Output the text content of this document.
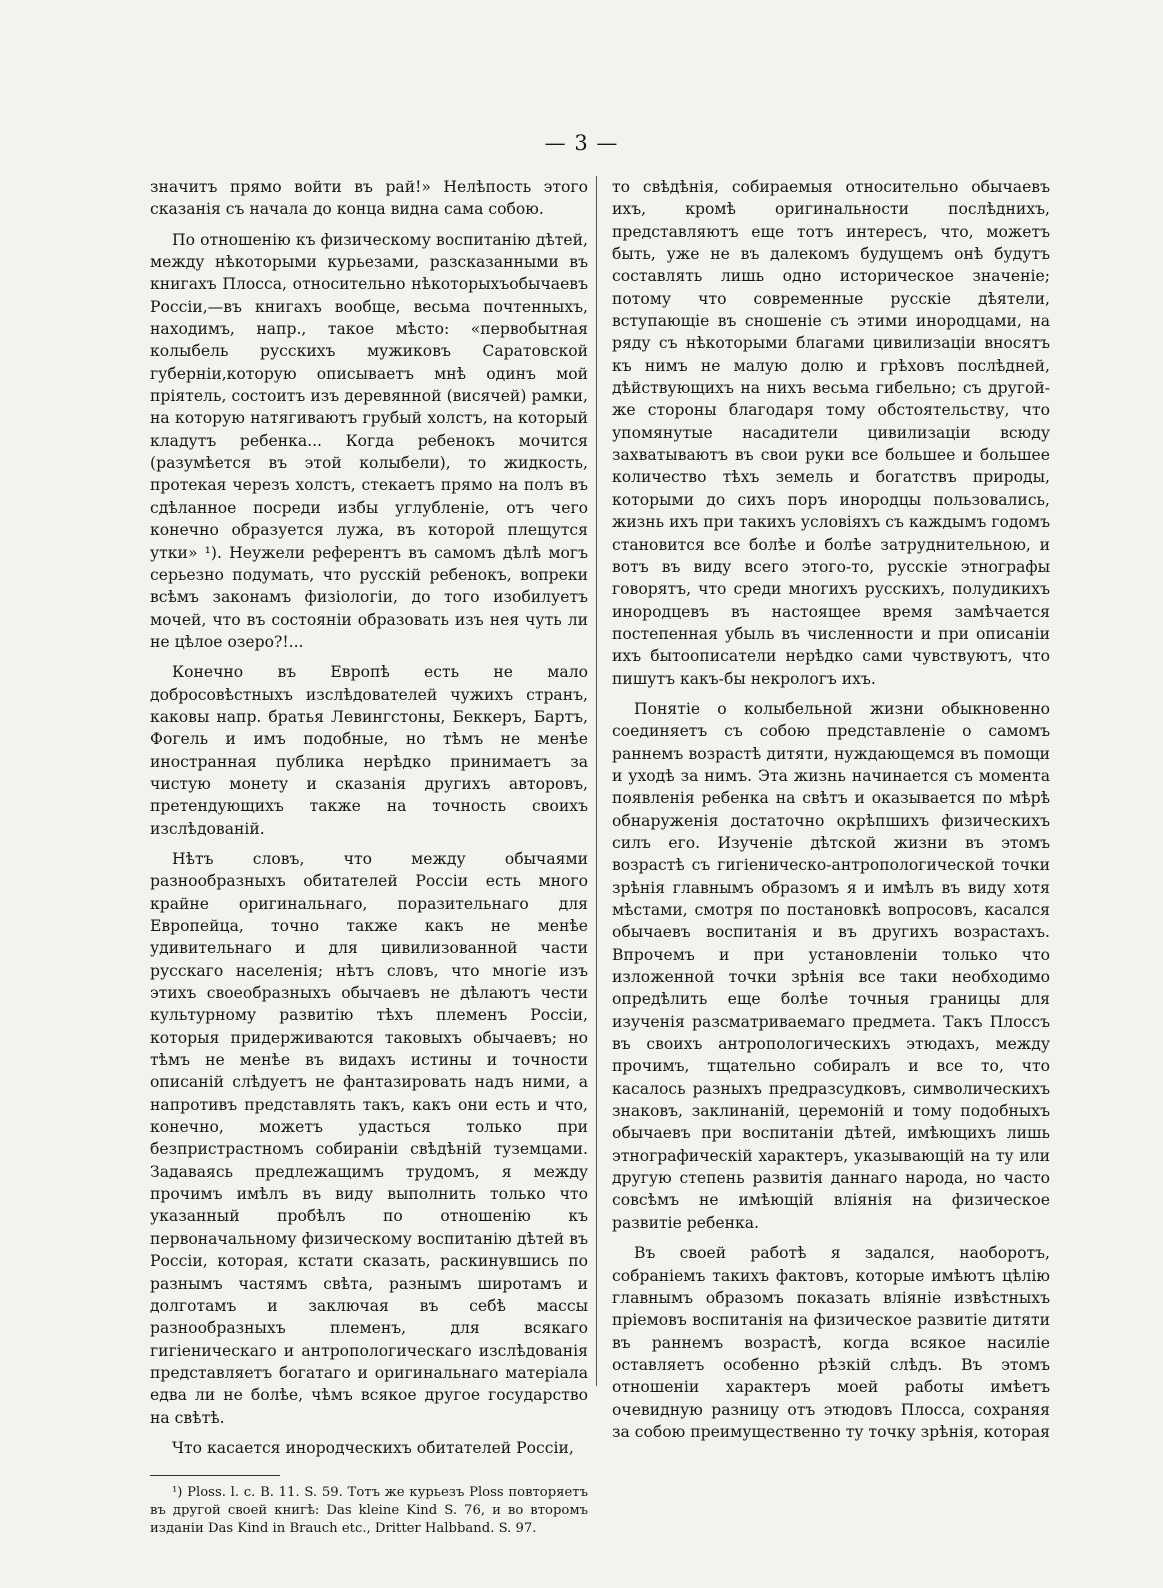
— 3 —

значитъ прямо войти въ рай!» Нелѣпость этого сказанія съ начала до конца видна сама собою.

По отношенію къ физическому воспитанію дѣтей, между нѣкоторыми курьезами, разсказанными въ книгахъ Плосса, относительно нѣкоторыхъобычаевъ Россіи,—въ книгахъ вообще, весьма почтенныхъ, находимъ, напр., такое мѣсто: «первобытная колыбель русскихъ мужиковъ Саратовской губерніи,которую описываетъ мнѣ одинъ мой пріятель, состоитъ изъ деревянной (висячей) рамки, на которую натягиваютъ грубый холстъ, на который кладутъ ребенка... Когда ребенокъ мочится (разумѣется въ этой колыбели), то жидкость, протекая черезъ холстъ, стекаетъ прямо на полъ въ сдѣланное посреди избы углубленіе, отъ чего конечно образуется лужа, въ которой плещутся утки» ¹). Неужели референтъ въ самомъ дѣлѣ могъ серьезно подумать, что русскій ребенокъ, вопреки всѣмъ законамъ физіологіи, до того изобилуетъ мочей, что въ состояніи образовать изъ нея чуть ли не цѣлое озеро?!...

Конечно въ Европѣ есть не мало добросовѣстныхъ изслѣдователей чужихъ странъ, каковы напр. братья Левингстоны, Беккеръ, Бартъ, Фогель и имъ подобные, но тѣмъ не менѣе иностранная публика нерѣдко принимаетъ за чистую монету и сказанія другихъ авторовъ, претендующихъ также на точность своихъ изслѣдованій.

Нѣтъ словъ, что между обычаями разнообразныхъ обитателей Россіи есть много крайне оригинальнаго, поразительнаго для Европейца, точно также какъ не менѣе удивительнаго и для цивилизованной части русскаго населенія; нѣтъ словъ, что многіе изъ этихъ своеобразныхъ обычаевъ не дѣлаютъ чести культурному развитію тѣхъ племенъ Россіи, которыя придерживаются таковыхъ обычаевъ; но тѣмъ не менѣе въ видахъ истины и точности описаній слѣдуетъ не фантазировать надъ ними, а напротивъ представлять такъ, какъ они есть и что, конечно, можетъ удасться только при безпристрастномъ собираніи свѣдѣній туземцами. Задаваясь предлежащимъ трудомъ, я между прочимъ имѣлъ въ виду выполнить только что указанный пробѣлъ по отношенію къ первоначальному физическому воспитанію дѣтей въ Россіи, которая, кстати сказать, раскинувшись по разнымъ частямъ свѣта, разнымъ широтамъ и долготамъ и заключая въ себѣ массы разнообразныхъ племенъ, для всякаго гигіеническаго и антропологическаго изслѣдованія представляетъ богатаго и оригинальнаго матеріала едва ли не болѣе, чѣмъ всякое другое государство на свѣтѣ.

Что касается инородческихъ обитателей Россіи,

¹) Ploss. l. c. B. 11. S. 59. Тотъ же курьезъ Ploss повторяетъ въ другой своей книгѣ: Das kleine Kind S. 76, и во второмъ изданіи Das Kind in Brauch etc., Dritter Halbband. S. 97.

то свѣдѣнія, собираемыя относительно обычаевъ ихъ, кромѣ оригинальности послѣднихъ, представляютъ еще тотъ интересъ, что, можетъ быть, уже не въ далекомъ будущемъ онѣ будутъ составлять лишь одно историческое значеніе; потому что современные русскіе дѣятели, вступающіе въ сношеніе съ этими инородцами, на ряду съ нѣкоторыми благами цивилизаціи вносятъ къ нимъ не малую долю и грѣховъ послѣдней, дѣйствующихъ на нихъ весьма гибельно; съ другой-же стороны благодаря тому обстоятельству, что упомянутые насадители цивилизаціи всюду захватываютъ въ свои руки все большее и большее количество тѣхъ земель и богатствъ природы, которыми до сихъ поръ инородцы пользовались, жизнь ихъ при такихъ условіяхъ съ каждымъ годомъ становится все болѣе и болѣе затруднительною, и вотъ въ виду всего этого-то, русскіе этнографы говорятъ, что среди многихъ русскихъ, полудикихъ инородцевъ въ настоящее время замѣчается постепенная убыль въ численности и при описаніи ихъ бытоописатели нерѣдко сами чувствуютъ, что пишутъ какъ-бы некрологъ ихъ.

Понятіе о колыбельной жизни обыкновенно соединяетъ съ собою представленіе о самомъ раннемъ возрастѣ дитяти, нуждающемся въ помощи и уходѣ за нимъ. Эта жизнь начинается съ момента появленія ребенка на свѣтъ и оказывается по мѣрѣ обнаруженія достаточно окрѣпшихъ физическихъ силъ его. Изученіе дѣтской жизни въ этомъ возрастѣ съ гигіеническо-антропологической точки зрѣнія главнымъ образомъ я и имѣлъ въ виду хотя мѣстами, смотря по постановкѣ вопросовъ, касался обычаевъ воспитанія и въ другихъ возрастахъ. Впрочемъ и при установленіи только что изложенной точки зрѣнія все таки необходимо опредѣлить еще болѣе точныя границы для изученія разсматриваемаго предмета. Такъ Плоссъ въ своихъ антропологическихъ этюдахъ, между прочимъ, тщательно собиралъ и все то, что касалось разныхъ предразсудковъ, символическихъ знаковъ, заклинаній, церемоній и тому подобныхъ обычаевъ при воспитаніи дѣтей, имѣющихъ лишь этнографическій характеръ, указывающій на ту или другую степень развитія даннаго народа, но часто совсѣмъ не имѣющій вліянія на физическое развитіе ребенка.

Въ своей работѣ я задался, наоборотъ, собраніемъ такихъ фактовъ, которые имѣютъ цѣлію главнымъ образомъ показать вліяніе извѣстныхъ пріемовъ воспитанія на физическое развитіе дитяти въ раннемъ возрастѣ, когда всякое насиліе оставляетъ особенно рѣзкій слѣдъ. Въ этомъ отношеніи характеръ моей работы имѣетъ очевидную разницу отъ этюдовъ Плосса, сохраняя за собою преимущественно ту точку зрѣнія, которая
